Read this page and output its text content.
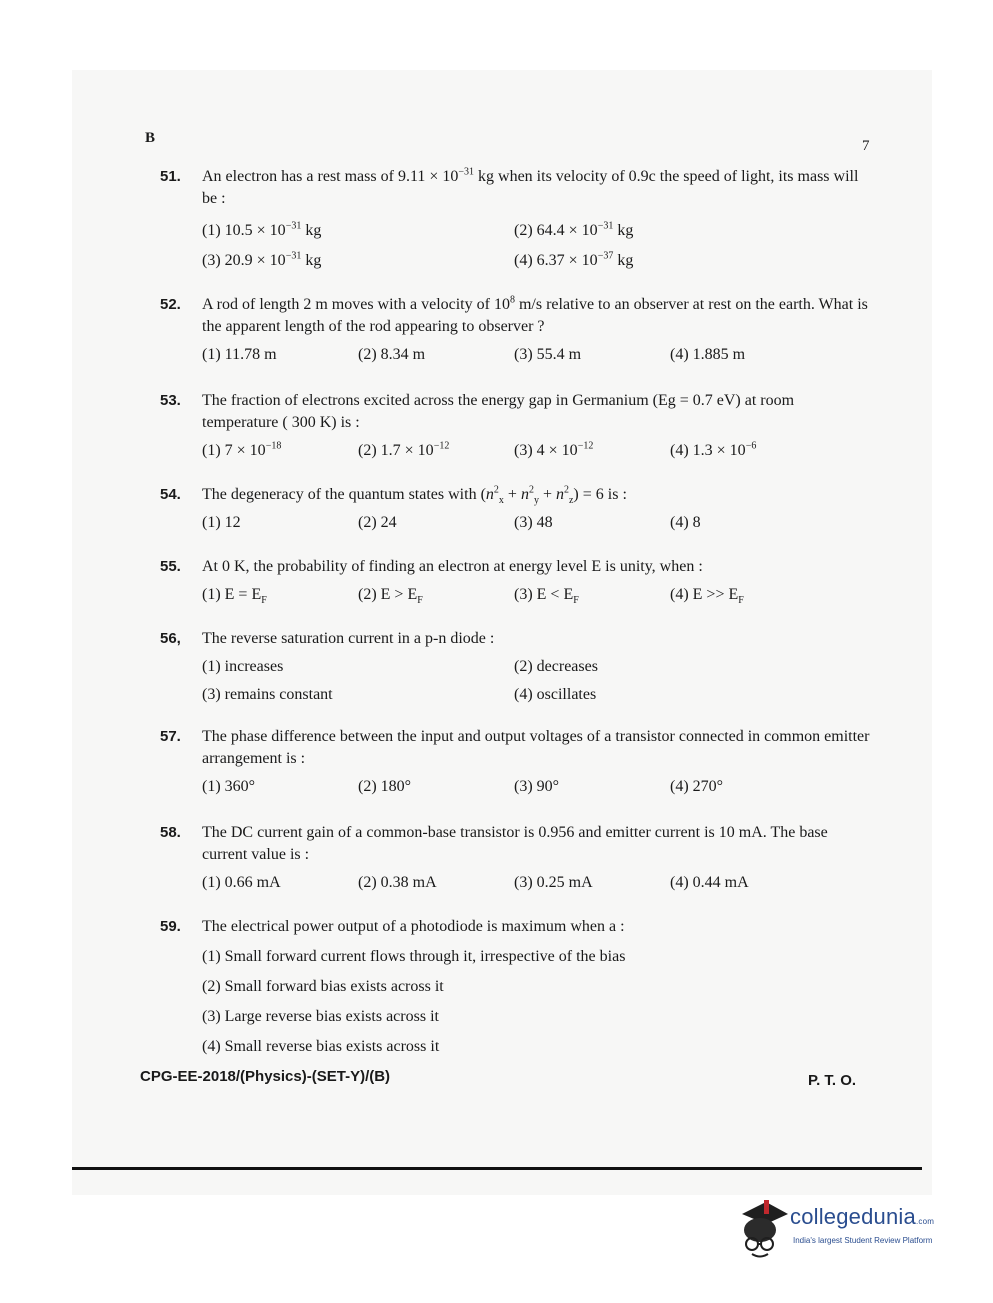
B	7
51. An electron has a rest mass of $9.11 \times 10^{-31}$ kg when its velocity of 0.9c the speed of light, its mass will be :
(1) $10.5 \times 10^{-31}$ kg	(2) $64.4 \times 10^{-31}$ kg
(3) $20.9 \times 10^{-31}$ kg	(4) $6.37 \times 10^{-37}$ kg
52. A rod of length 2 m moves with a velocity of $10^8$ m/s relative to an observer at rest on the earth. What is the apparent length of the rod appearing to observer ?
(1) 11.78 m	(2) 8.34 m	(3) 55.4 m	(4) 1.885 m
53. The fraction of electrons excited across the energy gap in Germanium (Eg = 0.7 eV) at room temperature ( 300 K) is :
(1) $7 \times 10^{-18}$	(2) $1.7 \times 10^{-12}$	(3) $4 \times 10^{-12}$	(4) $1.3 \times 10^{-6}$
54. The degeneracy of the quantum states with $(n^2_x + n^2_y + n^2_z) = 6$ is :
(1) 12	(2) 24	(3) 48	(4) 8
55. At 0 K, the probability of finding an electron at energy level E is unity, when :
(1) $E = E_F$	(2) $E > E_F$	(3) $E < E_F$	(4) $E >> E_F$
56, The reverse saturation current in a p-n diode :
(1) increases	(2) decreases
(3) remains constant	(4) oscillates
57. The phase difference between the input and output voltages of a transistor connected in common emitter arrangement is :
(1) 360°	(2) 180°	(3) 90°	(4) 270°
58. The DC current gain of a common-base transistor is 0.956 and emitter current is 10 mA. The base current value is :
(1) 0.66 mA	(2) 0.38 mA	(3) 0.25 mA	(4) 0.44 mA
59. The electrical power output of a photodiode is maximum when a :
(1) Small forward current flows through it, irrespective of the bias
(2) Small forward bias exists across it
(3) Large reverse bias exists across it
(4) Small reverse bias exists across it
CPG-EE-2018/(Physics)-(SET-Y)/(B)	P. T. O.
collegedunia.com
India's largest Student Review Platform
